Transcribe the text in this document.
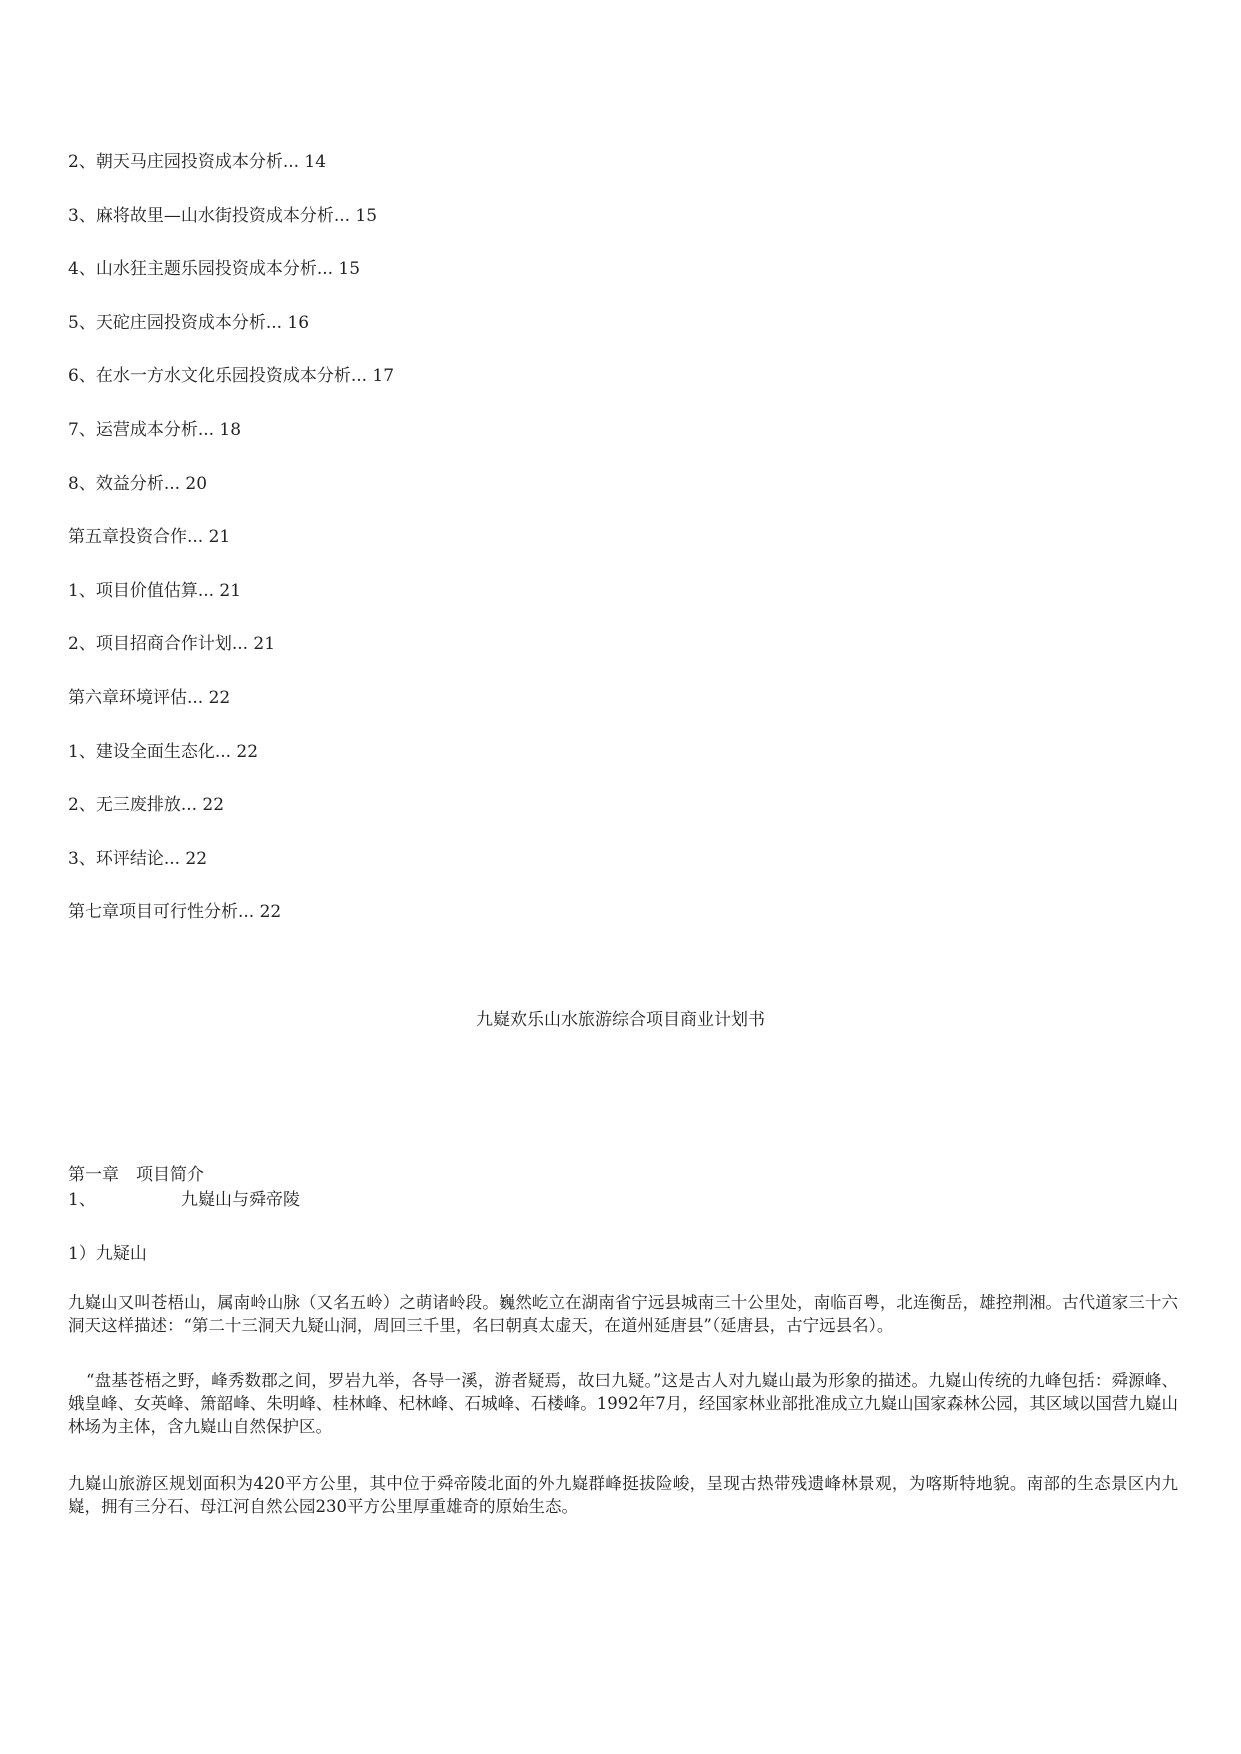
2、朝天马庄园投资成本分析... 14
3、麻将故里—山水街投资成本分析... 15
4、山水狂主题乐园投资成本分析... 15
5、天砣庄园投资成本分析... 16
6、在水一方水文化乐园投资成本分析... 17
7、运营成本分析... 18
8、效益分析... 20
第五章投资合作... 21
1、项目价值估算... 21
2、项目招商合作计划... 21
第六章环境评估... 22
1、建设全面生态化... 22
2、无三废排放... 22
3、环评结论... 22
第七章项目可行性分析... 22
九嶷欢乐山水旅游综合项目商业计划书
第一章　项目简介
1、	九嶷山与舜帝陵

1）九疑山

九嶷山又叫苍梧山，属南岭山脉（又名五岭）之萌诸岭段。巍然屹立在湖南省宁远县城南三十公里处，南临百粤，北连衡岳，雄控荆湘。古代道家三十六洞天这样描述：“第二十三洞天九疑山洞，周回三千里，名曰朝真太虚天，在道州延唐县”（延唐县，古宁远县名）。

“盘基苍梧之野，峰秀数郡之间，罗岩九举，各导一溪，游者疑焉，故曰九疑。”这是古人对九嶷山最为形象的描述。九嶷山传统的九峰包括：舜源峰、娥皇峰、女英峰、箫韶峰、朱明峰、桂林峰、杞林峰、石城峰、石楼峰。1992年7月，经国家林业部批准成立九嶷山国家森林公园，其区域以国营九嶷山林场为主体，含九嶷山自然保护区。

九嶷山旅游区规划面积为420平方公里，其中位于舜帝陵北面的外九嶷群峰挺拔险峻，呈现古热带残遗峰林景观，为喀斯特地貌。南部的生态景区内九嶷，拥有三分石、母江河自然公园230平方公里厚重雄奇的原始生态。
